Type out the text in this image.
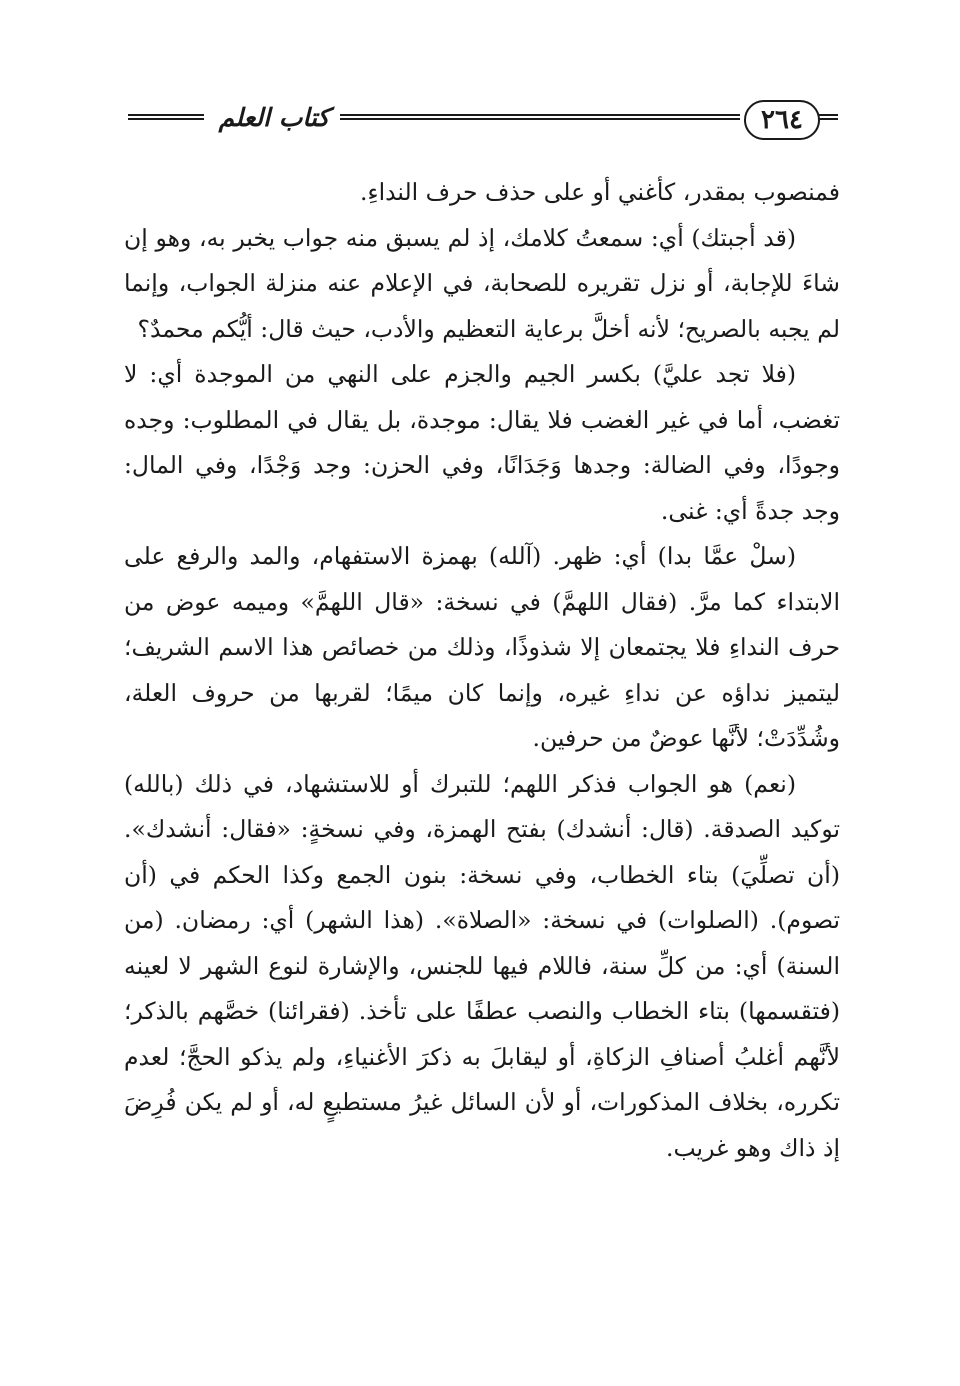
كتاب العلم	٢٦٤

فمنصوب بمقدر، كأغني أو على حذف حرف النداءِ.

(قد أجبتك) أي: سمعتُ كلامك، إذ لم يسبق منه جواب يخبر به، وهو إن شاءَ للإجابة، أو نزل تقريره للصحابة، في الإعلام عنه منزلة الجواب، وإنما لم يجبه بالصريح؛ لأنه أخلَّ برعاية التعظيم والأدب، حيث قال: أيُّكم محمدٌ؟

(فلا تجد عليَّ) بكسر الجيم والجزم على النهي من الموجدة أي: لا تغضب، أما في غير الغضب فلا يقال: موجدة، بل يقال في المطلوب: وجده وجودًا، وفي الضالة: وجدها وَجَدَانًا، وفي الحزن: وجد وَجْدًا، وفي المال: وجد جدةً أي: غنى.

(سلْ عمَّا بدا) أي: ظهر. (آلله) بهمزة الاستفهام، والمد والرفع على الابتداء كما مرَّ. (فقال اللهمَّ) في نسخة: «قال اللهمَّ» وميمه عوض من حرف النداءِ فلا يجتمعان إلا شذوذًا، وذلك من خصائص هذا الاسم الشريف؛ ليتميز نداؤه عن نداءِ غيره، وإنما كان ميمًا؛ لقربها من حروف العلة، وشُدِّدَتْ؛ لأنَّها عوضٌ من حرفين.

(نعم) هو الجواب فذكر اللهم؛ للتبرك أو للاستشهاد، في ذلك (بالله) توكيد الصدقة. (قال: أنشدك) بفتح الهمزة، وفي نسخةٍ: «فقال: أنشدك». (أن تصلِّيَ) بتاء الخطاب، وفي نسخة: بنون الجمع وكذا الحكم في (أن تصوم). (الصلوات) في نسخة: «الصلاة». (هذا الشهر) أي: رمضان. (من السنة) أي: من كلِّ سنة، فاللام فيها للجنس، والإشارة لنوع الشهر لا لعينه (فتقسمها) بتاء الخطاب والنصب عطفًا على تأخذ. (فقرائنا) خصَّهم بالذكر؛ لأنَّهم أغلبُ أصنافِ الزكاةِ، أو ليقابلَ به ذكرَ الأغنياءِ، ولم يذكو الحجَّ؛ لعدم تكرره، بخلاف المذكورات، أو لأن السائل غيرُ مستطيعٍ له، أو لم يكن فُرِضَ إذ ذاك وهو غريب.
